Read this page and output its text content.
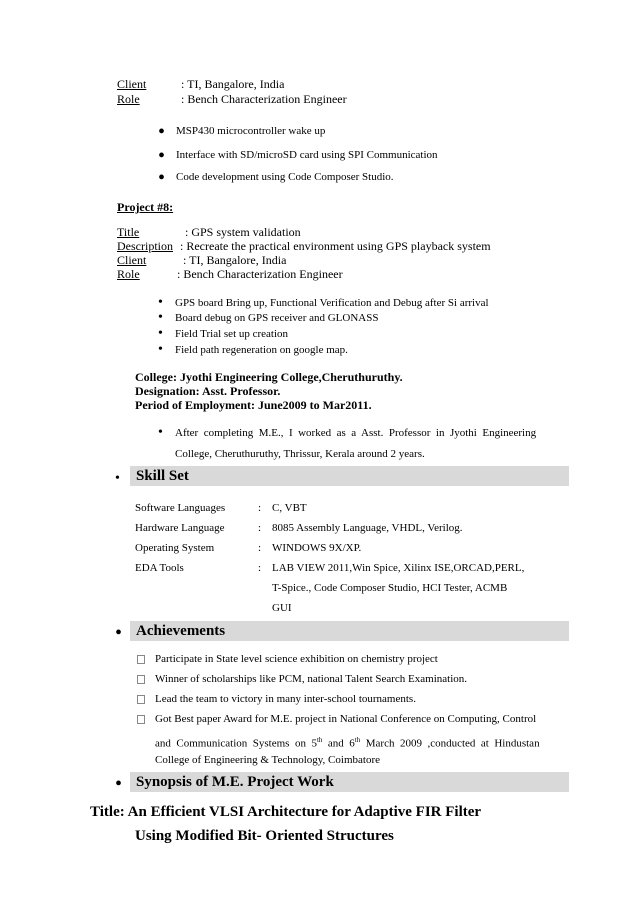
Client	: TI, Bangalore, India
Role	: Bench Characterization Engineer
• MSP430 microcontroller wake up
• Interface with SD/microSD card using SPI Communication
• Code development using Code Composer Studio.
Project #8:
Title	: GPS system validation
Description : Recreate the practical environment using GPS playback system
Client	: TI, Bangalore, India
Role	: Bench Characterization Engineer
• GPS board Bring up, Functional Verification and Debug after Si arrival
• Board debug on GPS receiver and GLONASS
• Field Trial set up creation
• Field path regeneration on google map.
College: Jyothi Engineering College,Cheruthuruthy.
Designation: Asst. Professor.
Period of Employment: June2009 to Mar2011.
• After  completing  M.E.,  I  worked  as  a  Asst.  Professor  in  Jyothi  Engineering
College, Cheruthuruthy, Thrissur, Kerala around 2 years.
• Skill Set
Software Languages	: C, VBT
Hardware Language	: 8085 Assembly Language, VHDL, Verilog.
Operating System	: WINDOWS 9X/XP.
EDA Tools	: LAB VIEW 2011,Win Spice, Xilinx ISE,ORCAD,PERL,
T-Spice., Code Composer Studio, HCI Tester, ACMB
GUI
• Achievements
Participate in State level science exhibition on chemistry project
Winner of scholarships like PCM, national Talent Search Examination.
Lead the team to victory in many inter-school tournaments.
Got Best paper Award for M.E. project in National Conference on Computing, Control
and  Communication  Systems  on  5th  and  6th  March  2009  ,conducted  at  Hindustan
College of Engineering & Technology, Coimbatore
• Synopsis of M.E. Project Work
Title: An Efficient VLSI Architecture for Adaptive FIR Filter
Using Modified Bit- Oriented Structures
